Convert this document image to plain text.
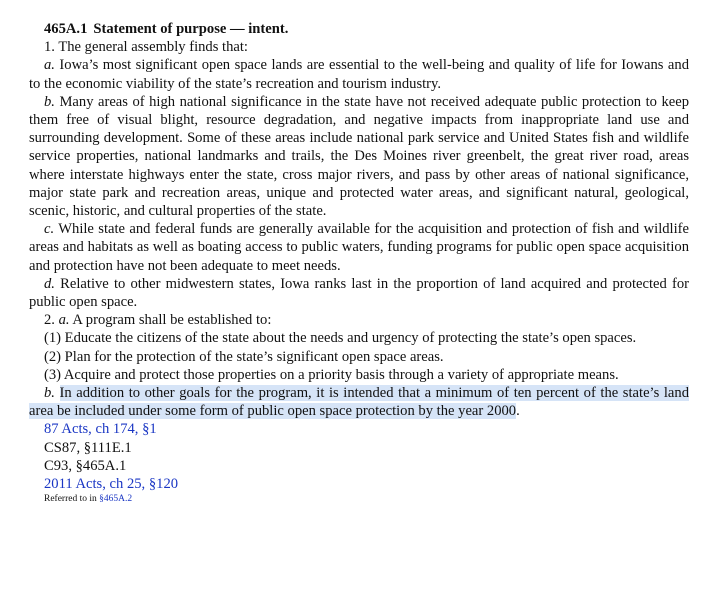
465A.1 Statement of purpose — intent.

1. The general assembly finds that:

a. Iowa’s most significant open space lands are essential to the well-being and quality of life for Iowans and to the economic viability of the state’s recreation and tourism industry.

b. Many areas of high national significance in the state have not received adequate public protection to keep them free of visual blight, resource degradation, and negative impacts from inappropriate land use and surrounding development. Some of these areas include national park service and United States fish and wildlife service properties, national landmarks and trails, the Des Moines river greenbelt, the great river road, areas where interstate highways enter the state, cross major rivers, and pass by other areas of national significance, major state park and recreation areas, unique and protected water areas, and significant natural, geological, scenic, historic, and cultural properties of the state.

c. While state and federal funds are generally available for the acquisition and protection of fish and wildlife areas and habitats as well as boating access to public waters, funding programs for public open space acquisition and protection have not been adequate to meet needs.

d. Relative to other midwestern states, Iowa ranks last in the proportion of land acquired and protected for public open space.

2. a. A program shall be established to:

(1) Educate the citizens of the state about the needs and urgency of protecting the state’s open spaces.

(2) Plan for the protection of the state’s significant open space areas.

(3) Acquire and protect those properties on a priority basis through a variety of appropriate means.

b. In addition to other goals for the program, it is intended that a minimum of ten percent of the state’s land area be included under some form of public open space protection by the year 2000.

87 Acts, ch 174, §1
CS87, §111E.1
C93, §465A.1
2011 Acts, ch 25, §120
Referred to in §465A.2
